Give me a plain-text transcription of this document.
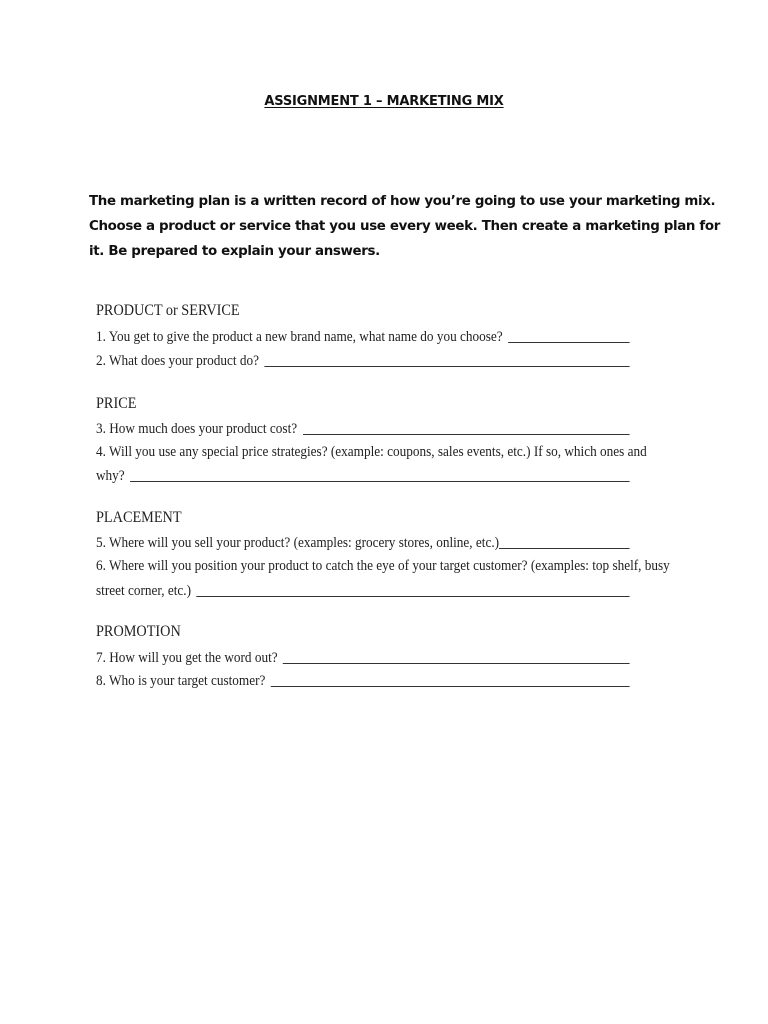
ASSIGNMENT 1 – MARKETING MIX

The marketing plan is a written record of how you’re going to use your marketing mix.

Choose a product or service that you use every week. Then create a marketing plan for

it. Be prepared to explain your answers.

PRODUCT or SERVICE
1. You get to give the product a new brand name, what name do you choose?
2. What does your product do?
PRICE
3. How much does your product cost?
4. Will you use any special price strategies? (example: coupons, sales events, etc.) If so, which ones and
why?
PLACEMENT
5. Where will you sell your product? (examples: grocery stores, online, etc.)
6. Where will you position your product to catch the eye of your target customer? (examples: top shelf, busy
street corner, etc.)
PROMOTION
7. How will you get the word out?
8. Who is your target customer?
